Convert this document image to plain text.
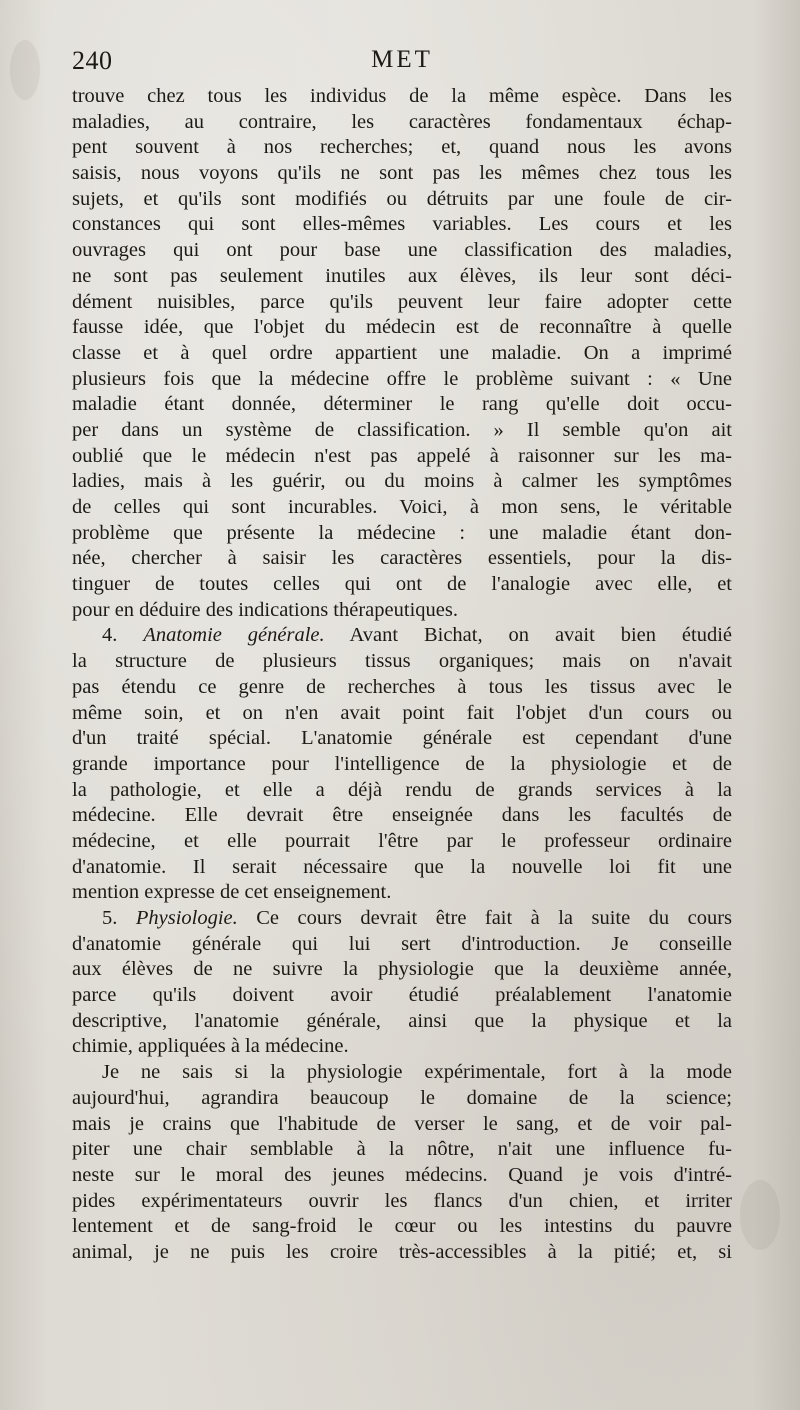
240	MET
trouve chez tous les individus de la même espèce. Dans les
maladies, au contraire, les caractères fondamentaux échap-
pent souvent à nos recherches; et, quand nous les avons
saisis, nous voyons qu'ils ne sont pas les mêmes chez tous les
sujets, et qu'ils sont modifiés ou détruits par une foule de cir-
constances qui sont elles-mêmes variables. Les cours et les
ouvrages qui ont pour base une classification des maladies,
ne sont pas seulement inutiles aux élèves, ils leur sont déci-
dément nuisibles, parce qu'ils peuvent leur faire adopter cette
fausse idée, que l'objet du médecin est de reconnaître à quelle
classe et à quel ordre appartient une maladie. On a imprimé
plusieurs fois que la médecine offre le problème suivant : « Une
maladie étant donnée, déterminer le rang qu'elle doit occu-
per dans un système de classification. » Il semble qu'on ait
oublié que le médecin n'est pas appelé à raisonner sur les ma-
ladies, mais à les guérir, ou du moins à calmer les symptômes
de celles qui sont incurables. Voici, à mon sens, le véritable
problème que présente la médecine : une maladie étant don-
née, chercher à saisir les caractères essentiels, pour la dis-
tinguer de toutes celles qui ont de l'analogie avec elle, et
pour en déduire des indications thérapeutiques.
4. Anatomie générale. Avant Bichat, on avait bien étudié
la structure de plusieurs tissus organiques; mais on n'avait
pas étendu ce genre de recherches à tous les tissus avec le
même soin, et on n'en avait point fait l'objet d'un cours ou
d'un traité spécial. L'anatomie générale est cependant d'une
grande importance pour l'intelligence de la physiologie et de
la pathologie, et elle a déjà rendu de grands services à la
médecine. Elle devrait être enseignée dans les facultés de
médecine, et elle pourrait l'être par le professeur ordinaire
d'anatomie. Il serait nécessaire que la nouvelle loi fit une
mention expresse de cet enseignement.
5. Physiologie. Ce cours devrait être fait à la suite du cours
d'anatomie générale qui lui sert d'introduction. Je conseille
aux élèves de ne suivre la physiologie que la deuxième année,
parce qu'ils doivent avoir étudié préalablement l'anatomie
descriptive, l'anatomie générale, ainsi que la physique et la
chimie, appliquées à la médecine.
Je ne sais si la physiologie expérimentale, fort à la mode
aujourd'hui, agrandira beaucoup le domaine de la science;
mais je crains que l'habitude de verser le sang, et de voir pal-
piter une chair semblable à la nôtre, n'ait une influence fu-
neste sur le moral des jeunes médecins. Quand je vois d'intré-
pides expérimentateurs ouvrir les flancs d'un chien, et irriter
lentement et de sang-froid le cœur ou les intestins du pauvre
animal, je ne puis les croire très-accessibles à la pitié; et, si
